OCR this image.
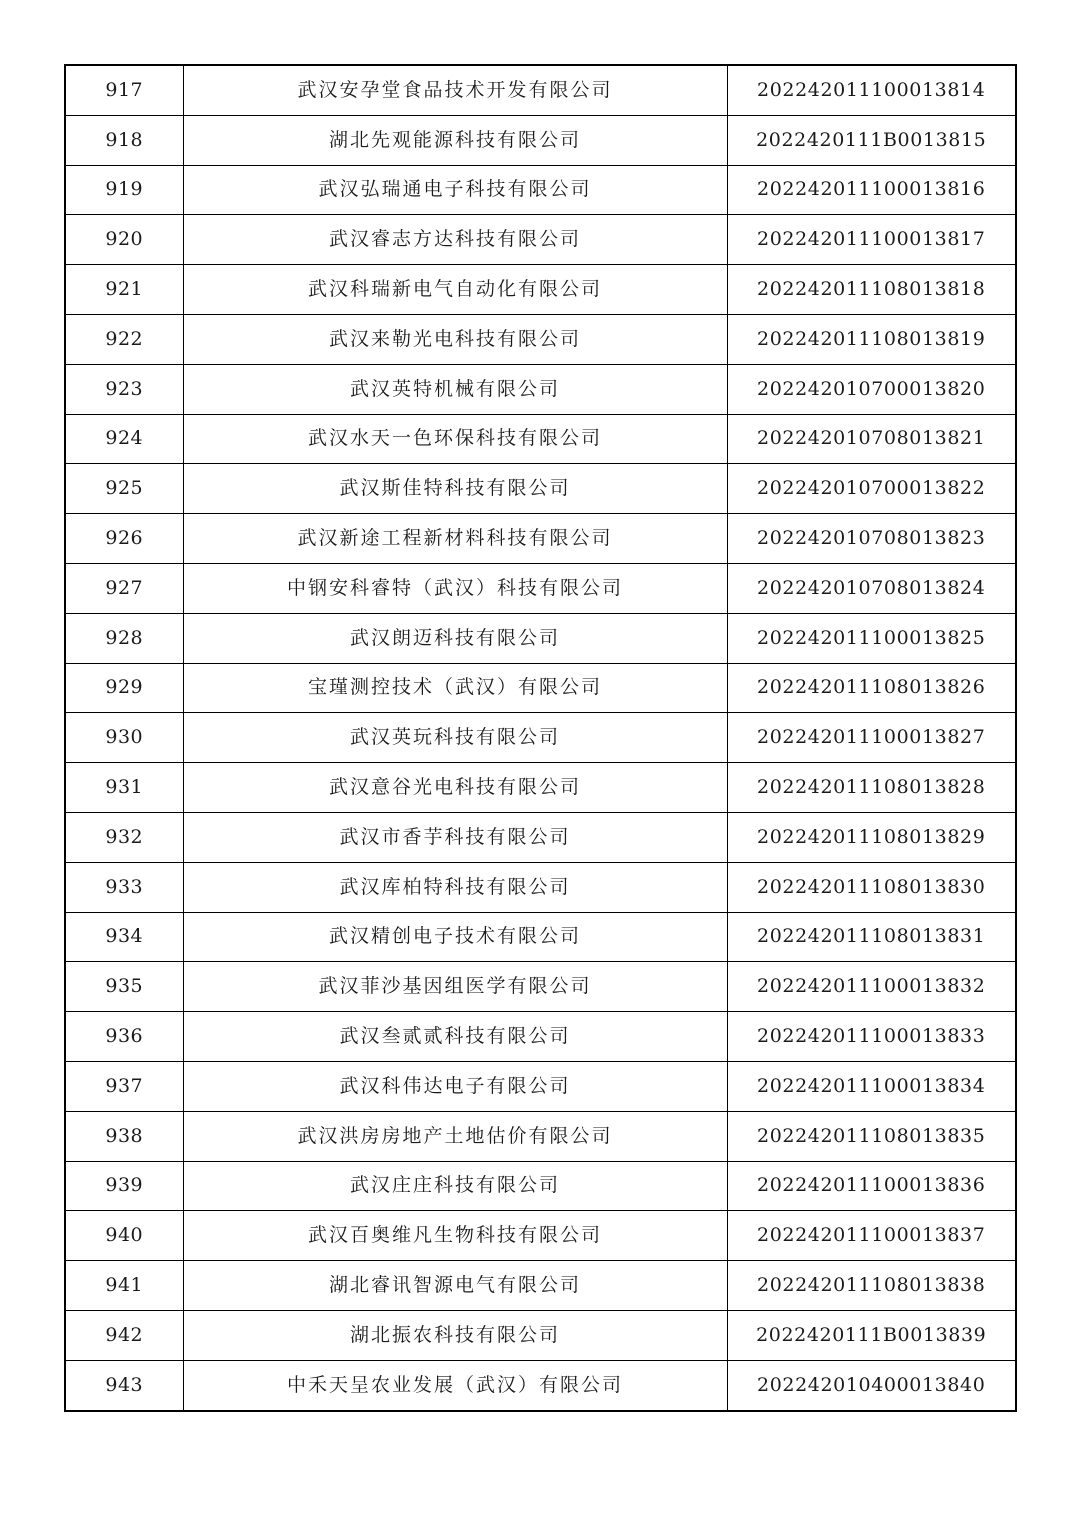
917	武汉安孕堂食品技术开发有限公司	202242011100013814
918	湖北先观能源科技有限公司	2022420111B0013815
919	武汉弘瑞通电子科技有限公司	202242011100013816
920	武汉睿志方达科技有限公司	202242011100013817
921	武汉科瑞新电气自动化有限公司	202242011108013818
922	武汉来勒光电科技有限公司	202242011108013819
923	武汉英特机械有限公司	202242010700013820
924	武汉水天一色环保科技有限公司	202242010708013821
925	武汉斯佳特科技有限公司	202242010700013822
926	武汉新途工程新材料科技有限公司	202242010708013823
927	中钢安科睿特（武汉）科技有限公司	202242010708013824
928	武汉朗迈科技有限公司	202242011100013825
929	宝瑾测控技术（武汉）有限公司	202242011108013826
930	武汉英玩科技有限公司	202242011100013827
931	武汉意谷光电科技有限公司	202242011108013828
932	武汉市香芋科技有限公司	202242011108013829
933	武汉库柏特科技有限公司	202242011108013830
934	武汉精创电子技术有限公司	202242011108013831
935	武汉菲沙基因组医学有限公司	202242011100013832
936	武汉叁贰贰科技有限公司	202242011100013833
937	武汉科伟达电子有限公司	202242011100013834
938	武汉洪房房地产土地估价有限公司	202242011108013835
939	武汉庄庄科技有限公司	202242011100013836
940	武汉百奥维凡生物科技有限公司	202242011100013837
941	湖北睿讯智源电气有限公司	202242011108013838
942	湖北振农科技有限公司	2022420111B0013839
943	中禾天呈农业发展（武汉）有限公司	202242010400013840
